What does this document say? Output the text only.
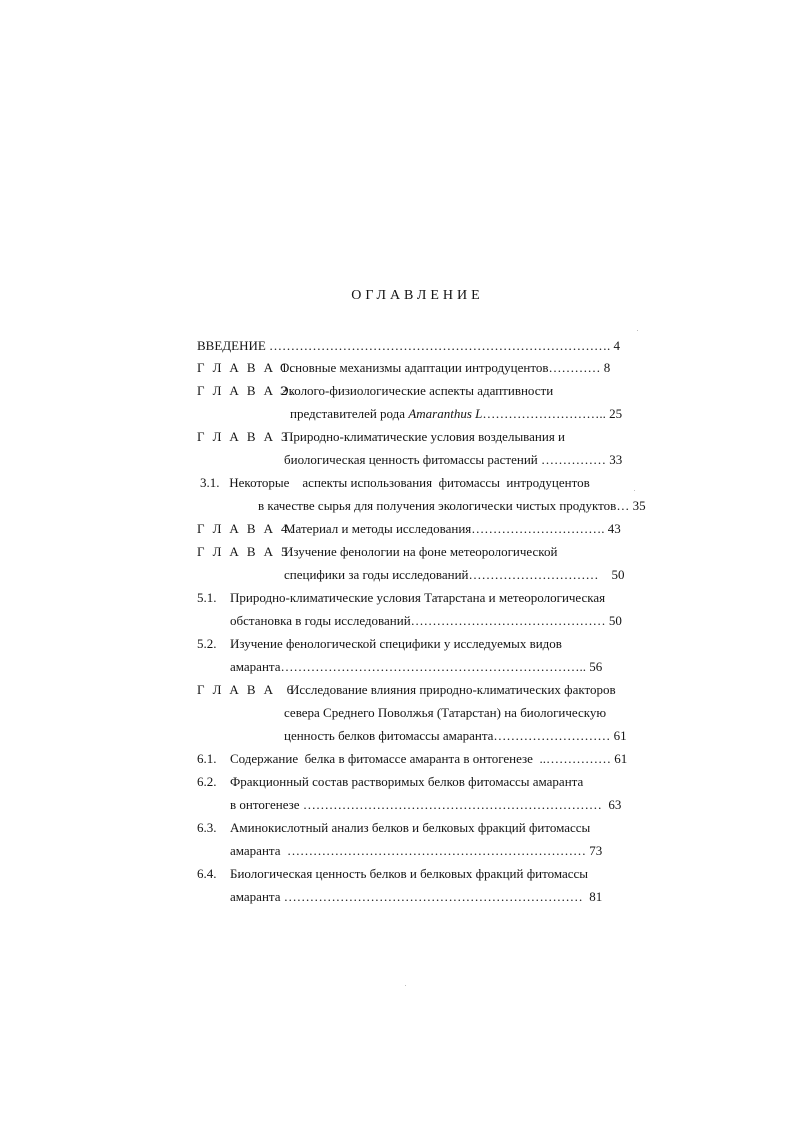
ОГЛАВЛЕНИЕ
ВВЕДЕНИЕ ……………………………………………………………………. 4
Г Л А В А 1.
Основные механизмы адаптации интродуцентов………… 8
Г Л А В А 2.
Эколого-физиологические аспекты адаптивности
представителей рода Amaranthus L……………………….. 25
Г Л А В А 3.
Природно-климатические условия возделывания и
биологическая ценность фитомассы растений …………… 33
3.1.   Некоторые    аспекты использования  фитомассы  интродуцентов
в качестве сырья для получения экологически чистых продуктов… 35
Г Л А В А 4.
Материал и методы исследования…………………………. 43
Г Л А В А 5.
Изучение фенологии на фоне метеорологической
специфики за годы исследований…………………………    50
5.1. Природно-климатические условия Татарстана и метеорологическая
обстановка в годы исследований……………………………………… 50
5.2. Изучение фенологической специфики у исследуемых видов
амаранта…………………………………………………………….. 56
Г Л А В А  6.
Исследование влияния природно-климатических факторов
севера Среднего Поволжья (Татарстан) на биологическую
ценность белков фитомассы амаранта……………………… 61
6.1. Содержание  белка в фитомассе амаранта в онтогенезе  ..…………… 61
6.2. Фракционный состав растворимых белков фитомассы амаранта
в онтогенезе ……………………………………………………………  63
6.3. Аминокислотный анализ белков и белковых фракций фитомассы
амаранта  …………………………………………………………… 73
6.4. Биологическая ценность белков и белковых фракций фитомассы
амаранта ……………………………………………………………  81
